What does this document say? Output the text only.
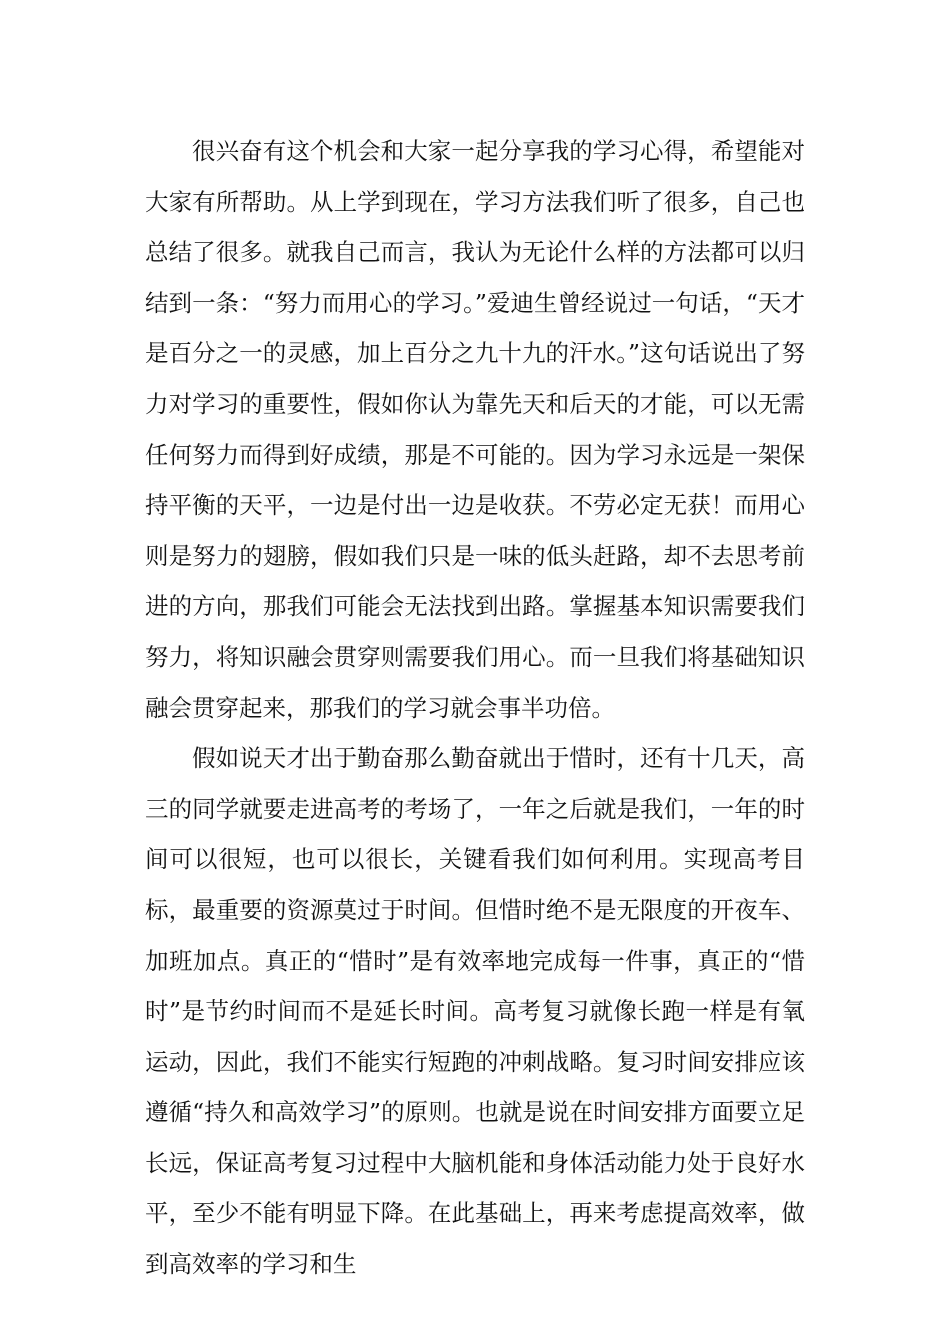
很兴奋有这个机会和大家一起分享我的学习心得，希望能对大家有所帮助。从上学到现在，学习方法我们听了很多，自己也总结了很多。就我自己而言，我认为无论什么样的方法都可以归结到一条：“努力而用心的学习。”爱迪生曾经说过一句话，“天才是百分之一的灵感，加上百分之九十九的汗水。”这句话说出了努力对学习的重要性，假如你认为靠先天和后天的才能，可以无需任何努力而得到好成绩，那是不可能的。因为学习永远是一架保持平衡的天平，一边是付出一边是收获。不劳必定无获！而用心则是努力的翅膀，假如我们只是一味的低头赶路，却不去思考前进的方向，那我们可能会无法找到出路。掌握基本知识需要我们努力，将知识融会贯穿则需要我们用心。而一旦我们将基础知识融会贯穿起来，那我们的学习就会事半功倍。

假如说天才出于勤奋那么勤奋就出于惜时，还有十几天，高三的同学就要走进高考的考场了，一年之后就是我们，一年的时间可以很短，也可以很长，关键看我们如何利用。实现高考目标，最重要的资源莫过于时间。但惜时绝不是无限度的开夜车、加班加点。真正的“惜时”是有效率地完成每一件事，真正的“惜时”是节约时间而不是延长时间。高考复习就像长跑一样是有氧运动，因此，我们不能实行短跑的冲刺战略。复习时间安排应该遵循“持久和高效学习”的原则。也就是说在时间安排方面要立足长远，保证高考复习过程中大脑机能和身体活动能力处于良好水平，至少不能有明显下降。在此基础上，再来考虑提高效率，做到高效率的学习和生
